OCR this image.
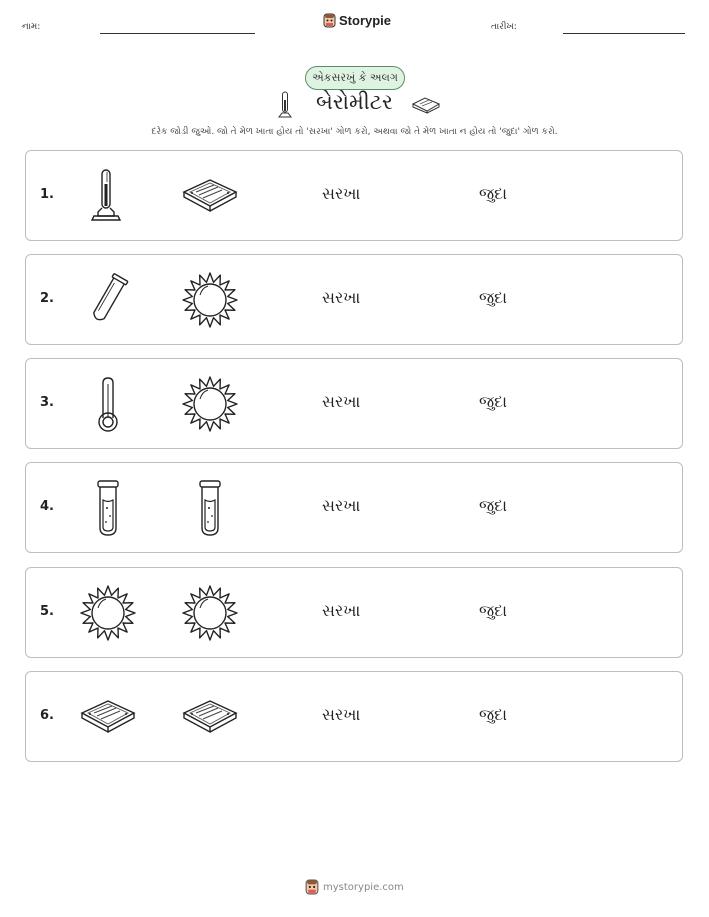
નામ:	Storypie	તારીખ:
એકસરખું કે અલગ
બેરોમીટર
દરેક જોડી જુઓ. જો તે મેળ ખાતા હોય તો 'સરખા' ગોળ કરો, અથવા જો તે મેળ ખાતા ન હોય તો 'જુદા' ગોળ કરો.
1.	સરખા	જુદા
2.	સરખા	જુદા
3.	સરખા	જુદા
4.	સરખા	જુદા
5.	સરખા	જુદા
6.	સરખા	જુદા
mystorypie.com
